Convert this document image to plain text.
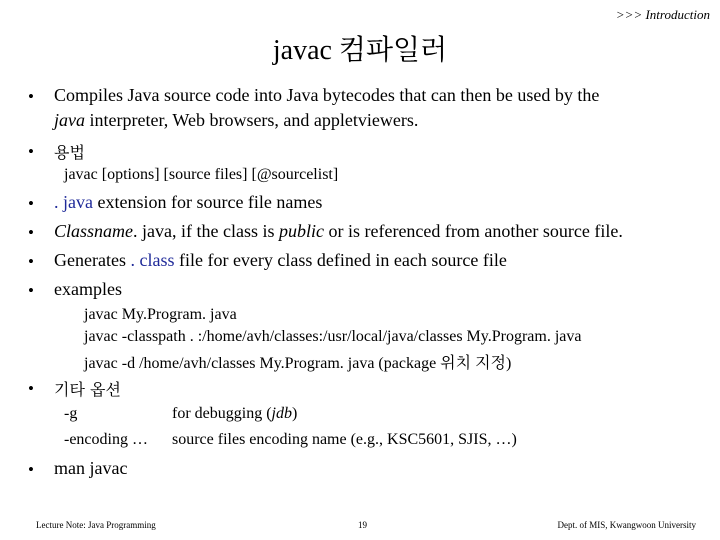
>>> Introduction
javac 컴파일러
• Compiles Java source code into Java bytecodes that can then be used by the
java interpreter, Web browsers, and appletviewers.
• 용법
javac [options] [source files] [@sourcelist]
• . java extension for source file names
• Classname. java, if the class is public or is referenced from another source file.
• Generates . class file for every class defined in each source file
• examples
javac My.Program. java
javac -classpath . :/home/avh/classes:/usr/local/java/classes My.Program. java
javac -d /home/avh/classes My.Program. java (package 위치 지정)
• 기타 옵션
-g	for debugging (jdb)
-encoding … source files encoding name (e.g., KSC5601, SJIS, …)
• man javac
Lecture Note: Java Programming	19	Dept. of MIS, Kwangwoon University
